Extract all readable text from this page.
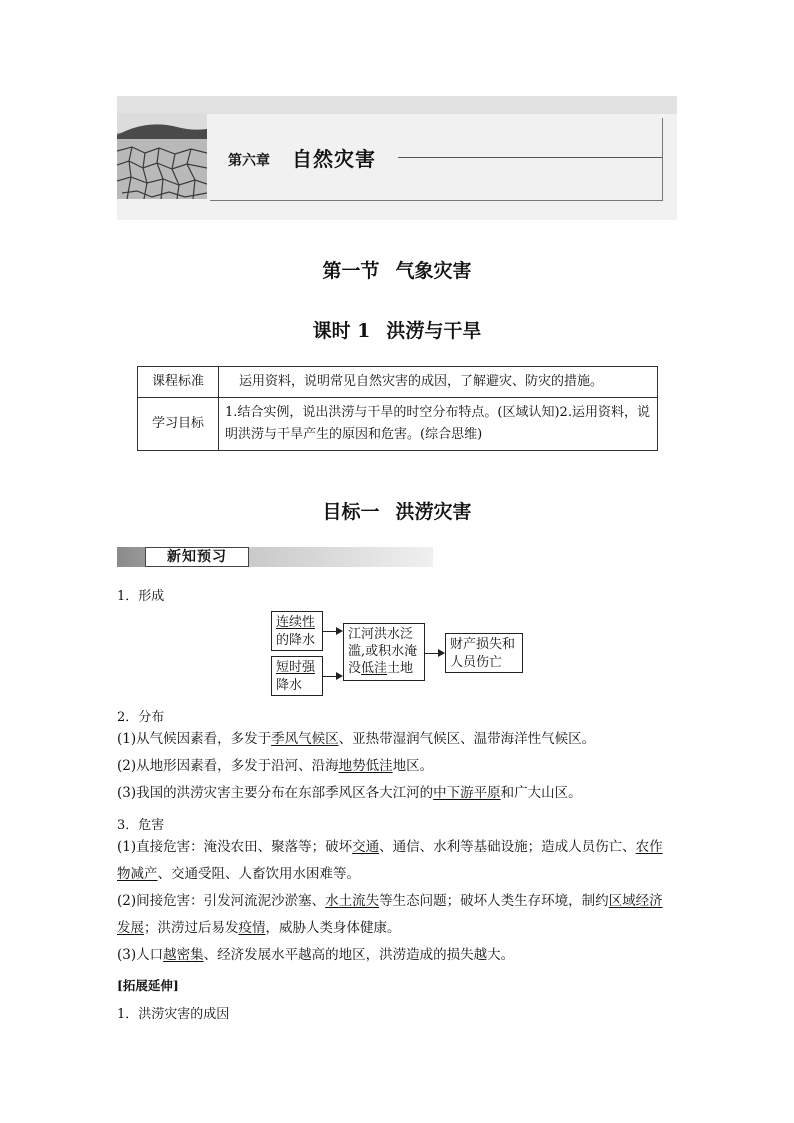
第六章 自然灾害
第一节 气象灾害
课时 1 洪涝与干旱
课程标准	运用资料，说明常见自然灾害的成因，了解避灾、防灾的措施。
学习目标	1.结合实例，说出洪涝与干旱的时空分布特点。(区域认知)2.运用资料，说明洪涝与干旱产生的原因和危害。(综合思维)
目标一 洪涝灾害
新知预习
1．形成
连续性
的降水
短时强
降水
江河洪水泛
滥,或积水淹
没低洼土地
财产损失和
人员伤亡
2．分布
(1)从气候因素看，多发于季风气候区、亚热带湿润气候区、温带海洋性气候区。
(2)从地形因素看，多发于沿河、沿海地势低洼地区。
(3)我国的洪涝灾害主要分布在东部季风区各大江河的中下游平原和广大山区。
3．危害
(1)直接危害：淹没农田、聚落等；破坏交通、通信、水利等基础设施；造成人员伤亡、农作
物减产、交通受阻、人畜饮用水困难等。
(2)间接危害：引发河流泥沙淤塞、水土流失等生态问题；破坏人类生存环境，制约区域经济
发展；洪涝过后易发疫情，威胁人类身体健康。
(3)人口越密集、经济发展水平越高的地区，洪涝造成的损失越大。
[拓展延伸]
1．洪涝灾害的成因
